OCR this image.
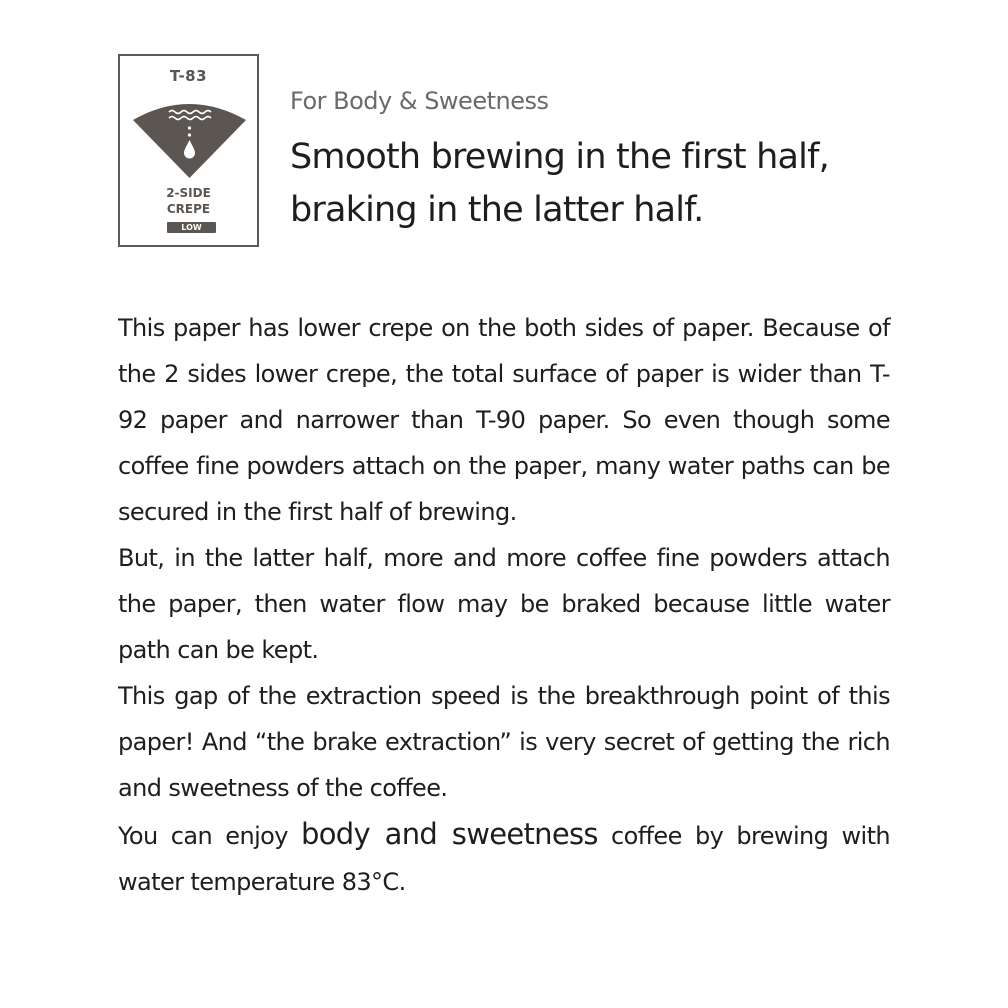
T-83
2-SIDE
CREPE
LOW
For Body & Sweetness
Smooth brewing in the first half,
braking in the latter half.

This paper has lower crepe on the both sides of paper. Because of the 2 sides lower crepe, the total surface of paper is wider than T-92 paper and narrower than T-90 paper. So even though some coffee fine powders attach on the paper, many water paths can be secured in the first half of brewing.

But, in the latter half, more and more coffee fine powders attach the paper, then water flow may be braked because little water path can be kept.

This gap of the extraction speed is the breakthrough point of this paper! And “the brake extraction” is very secret of getting the rich and sweetness of the coffee.

You can enjoy body and sweetness coffee by brewing with water temperature 83°C.
